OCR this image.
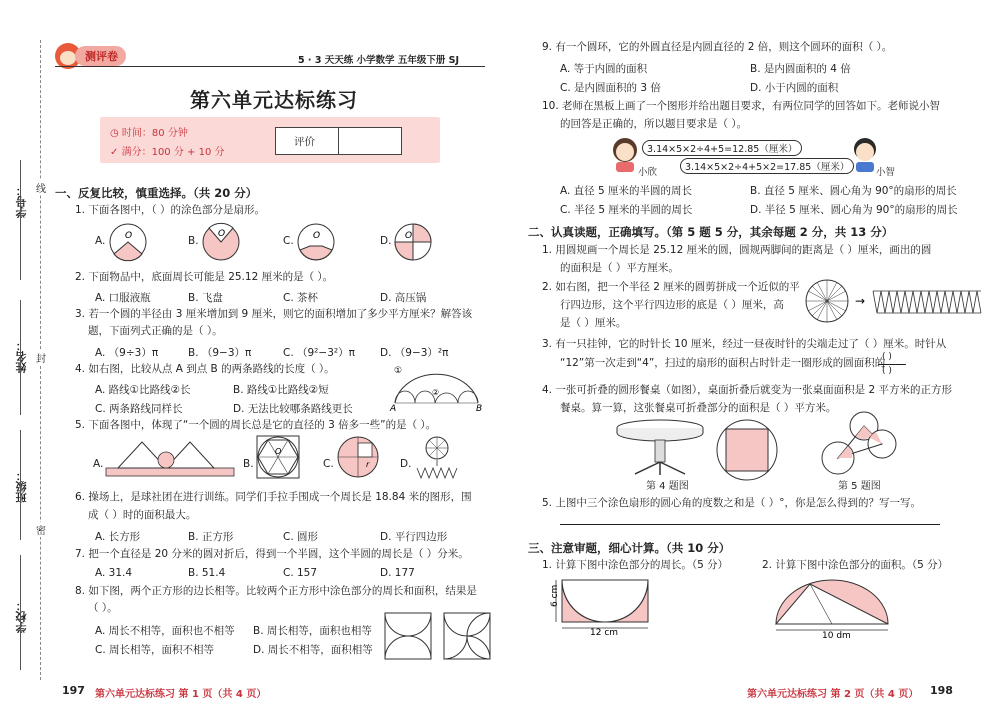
学号：
姓名：
班级：
学校：
线
封
密
测评卷	5 · 3 天天练 小学数学 五年级下册 SJ
第六单元达标练习
◷ 时间：80 分钟
✓ 满分：100 分 + 10 分
评价
一、反复比较，慎重选择。（共 20 分）
1. 下面各图中，（ ）的涂色部分是扇形。
A. O	B.
O
C. O	D. O
2. 下面物品中，底面周长可能是 25.12 厘米的是（ ）。
A. 口服液瓶	B. 飞盘	C. 茶杯	D. 高压锅
3. 若一个圆的半径由 3 厘米增加到 9 厘米，则它的面积增加了多少平方厘米？解答该
题，下面列式正确的是（ ）。
A. （9÷3）π	B. （9−3）π	C. （9²−3²）π D. （9−3）²π
4. 如右图，比较从点 A 到点 B 的两条路线的长度（ ）。
A. 路线①比路线②长	B. 路线①比路线②短
C. 两条路线同样长	D. 无法比较哪条路线更长
①
②
A	B
5. 下面各图中，体现了“一个圆的周长总是它的直径的 3 倍多一些”的是（ ）。
A.	B.
O
C.	r	D.
6. 操场上，是球社团在进行训练。同学们手拉手围成一个周长是 18.84 米的图形，围
成（ ）时的面积最大。
A. 长方形	B. 正方形	C. 圆形	D. 平行四边形
7. 把一个直径是 20 分米的圆对折后，得到一个半圆，这个半圆的周长是（ ）分米。
A. 31.4	B. 51.4	C. 157	D. 177
8. 如下图，两个正方形的边长相等。比较两个正方形中涂色部分的周长和面积，结果是
（ ）。
A. 周长不相等，面积也不相等 B. 周长相等，面积也相等
C. 周长相等，面积不相等	D. 周长不相等，面积相等
197 第六单元达标练习 第 1 页（共 4 页）
9. 有一个圆环，它的外圆直径是内圆直径的 2 倍，则这个圆环的面积（ ）。
A. 等于内圆的面积	B. 是内圆面积的 4 倍
C. 是内圆面积的 3 倍	D. 小于内圆的面积
10. 老师在黑板上画了一个图形并给出题目要求，有两位同学的回答如下。老师说小智
的回答是正确的，所以题目要求是（ ）。
3.14×5×2÷4+5=12.85（厘米）
3.14×5×2÷4+5×2=17.85（厘米）
小欣	小智
A. 直径 5 厘米的半圆的周长	B. 直径 5 厘米、圆心角为 90°的扇形的周长
C. 半径 5 厘米的半圆的周长	D. 半径 5 厘米、圆心角为 90°的扇形的周长
二、认真读题，正确填写。（第 5 题 5 分，其余每题 2 分，共 13 分）
1. 用圆规画一个周长是 25.12 厘米的圆，圆规两脚间的距离是（ ）厘米，画出的圆
的面积是（ ）平方厘米。
2. 如右图，把一个半径 2 厘米的圆剪拼成一个近似的平
行四边形，这个平行四边形的底是（ ）厘米，高
是（ ）厘米。
→
3. 有一只挂钟，它的时针长 10 厘米，经过一昼夜时针的尖端走过了（ ）厘米。时针从
“12”第一次走到“4”，扫过的扇形的面积占时针走一圈形成的圆面积的
( )
( )
4. 一张可折叠的圆形餐桌（如图），桌面折叠后就变为一张桌面面积是 2 平方米的正方形
餐桌。算一算，这张餐桌可折叠部分的面积是（ ）平方米。
第 4 题图	第 5 题图
5. 上图中三个涂色扇形的圆心角的度数之和是（ ）°，你是怎么得到的？写一写。
三、注意审题，细心计算。（共 10 分）
1. 计算下图中涂色部分的周长。（5 分）	2. 计算下图中涂色部分的面积。（5 分）
6 cm
12 cm	10 dm
第六单元达标练习 第 2 页（共 4 页） 198
